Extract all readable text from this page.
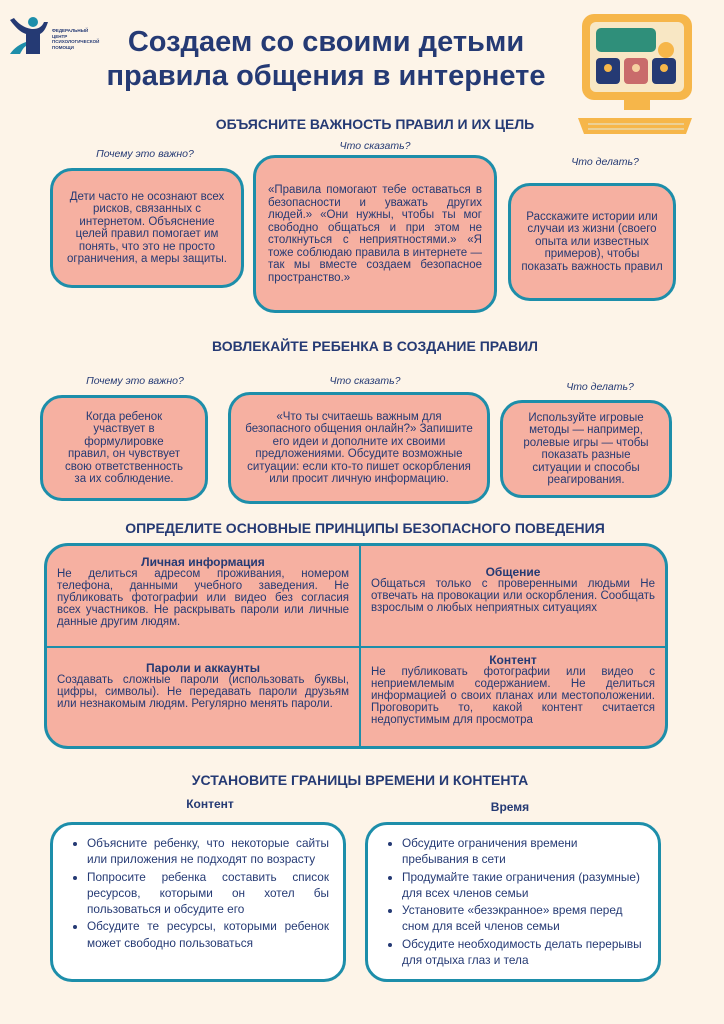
ФЕДЕРАЛЬНЫЙ ЦЕНТР ПСИХОЛОГИЧЕСКОЙ ПОМОЩИ	Создаем со своими детьми правила общения в интернете
ОБЪЯСНИТЕ ВАЖНОСТЬ ПРАВИЛ И ИХ ЦЕЛЬ
Почему это важно?
Что сказать?
Что делать?
Дети часто не осознают всех рисков, связанных с интернетом. Объяснение целей правил помогает им понять, что это не просто ограничения, а меры защиты.
«Правила помогают тебе оставаться в безопасности и уважать других людей.» «Они нужны, чтобы ты мог свободно общаться и при этом не столкнуться с неприятностями.» «Я тоже соблюдаю правила в интернете — так мы вместе создаем безопасное пространство.»
Расскажите истории или случаи из жизни (своего опыта или известных примеров), чтобы показать важность правил
ВОВЛЕКАЙТЕ РЕБЕНКА В СОЗДАНИЕ ПРАВИЛ
Почему это важно?	Что сказать?	Что делать?
Когда ребенок участвует в формулировке правил, он чувствует свою ответственность за их соблюдение.
«Что ты считаешь важным для безопасного общения онлайн?» Запишите его идеи и дополните их своими предложениями. Обсудите возможные ситуации: если кто-то пишет оскорбления или просит личную информацию.
Используйте игровые методы — например, ролевые игры — чтобы показать разные ситуации и способы реагирования.
ОПРЕДЕЛИТЕ ОСНОВНЫЕ ПРИНЦИПЫ БЕЗОПАСНОГО ПОВЕДЕНИЯ
Личная информация
Не делиться адресом проживания, номером телефона, данными учебного заведения. Не публиковать фотографии или видео без согласия всех участников. Не раскрывать пароли или личные данные другим людям.
Общение
Общаться только с проверенными людьми Не отвечать на провокации или оскорбления. Сообщать взрослым о любых неприятных ситуациях
Пароли и аккаунты
Создавать сложные пароли (использовать буквы, цифры, символы). Не передавать пароли друзьям или незнакомым людям. Регулярно менять пароли.
Контент
Не публиковать фотографии или видео с неприемлемым содержанием. Не делиться информацией о своих планах или местоположении. Проговорить то, какой контент считается недопустимым для просмотра
УСТАНОВИТЕ ГРАНИЦЫ ВРЕМЕНИ И КОНТЕНТА
Контент	Время
• Объясните ребенку, что некоторые сайты или приложения не подходят по возрасту
• Попросите ребенка составить список ресурсов, которыми он хотел бы пользоваться и обсудите его
• Обсудите те ресурсы, которыми ребенок может свободно пользоваться
• Обсудите ограничения времени пребывания в сети
• Продумайте такие ограничения (разумные) для всех членов семьи
• Установите «безэкранное» время перед сном для всей членов семьи
• Обсудите необходимость делать перерывы для отдыха глаз и тела
